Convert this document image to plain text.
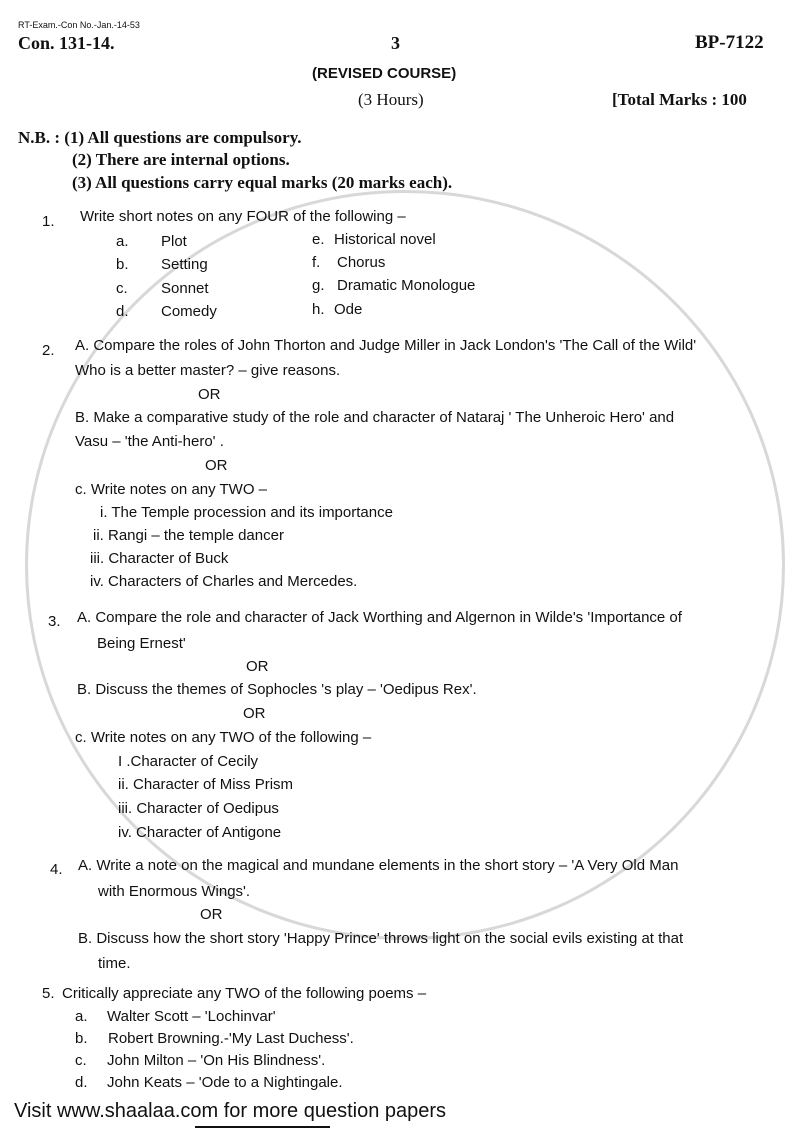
RT-Exam.-Con No.-Jan.-14-53
Con. 131-14.	3	BP-7122
(REVISED COURSE)
(3 Hours)	[Total Marks : 100
N.B. : (1) All questions are compulsory.
(2) There are internal options.
(3) All questions carry equal marks (20 marks each).
1. Write short notes on any FOUR of the following –
a. Plot
b. Setting
c. Sonnet
d. Comedy
e. Historical novel
f. Chorus
g. Dramatic Monologue
h. Ode
2. A. Compare the roles of John Thorton and Judge Miller in Jack London's 'The Call of the Wild'
Who is a better master? – give reasons.
OR
B. Make a comparative study of the role and character of Nataraj ' The Unheroic Hero' and
Vasu – 'the Anti-hero' .
OR
c. Write notes on any TWO –
i. The Temple procession and its importance
ii. Rangi – the temple dancer
iii. Character of Buck
iv. Characters of Charles and Mercedes.
3. A. Compare the role and character of Jack Worthing and Algernon in Wilde's 'Importance of
Being Ernest'
OR
B. Discuss the themes of Sophocles 's play – 'Oedipus Rex'.
OR
c. Write notes on any TWO of the following –
I .Character of Cecily
ii. Character of Miss Prism
iii. Character of Oedipus
iv. Character of Antigone
4. A. Write a note on the magical and mundane elements in the short story – 'A Very Old Man
with Enormous Wings'.
OR
B. Discuss how the short story 'Happy Prince' throws light on the social evils existing at that
time.
5. Critically appreciate any TWO of the following poems –
a. Walter Scott – 'Lochinvar'
b. Robert Browning.-'My Last Duchess'.
c. John Milton – 'On His Blindness'.
d. John Keats – 'Ode to a Nightingale.
Visit www.shaalaa.com for more question papers
